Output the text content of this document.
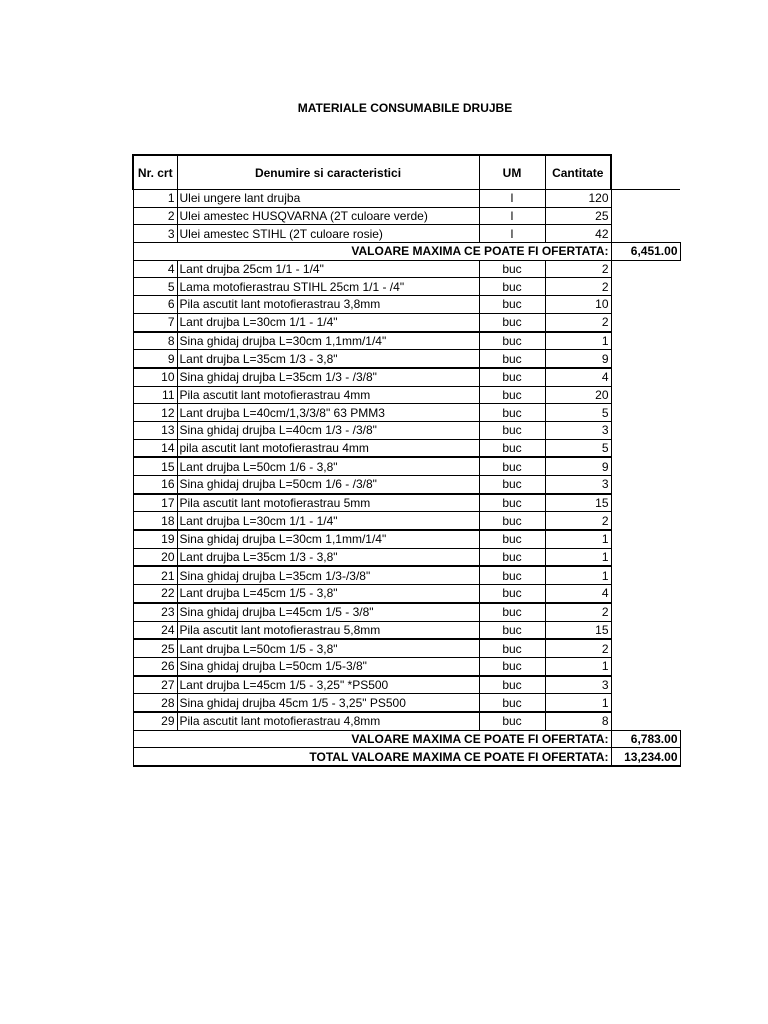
MATERIALE CONSUMABILE DRUJBE
Nr. crt	Denumire si caracteristici	UM	Cantitate	
1	Ulei ungere lant drujba	l	120	
2	Ulei amestec HUSQVARNA (2T culoare verde)	l	25	
3	Ulei amestec STIHL (2T culoare rosie)	l	42	
VALOARE MAXIMA CE POATE FI OFERTATA:				6,451.00
4	Lant drujba 25cm 1/1 - 1/4"	buc	2	
5	Lama motofierastrau STIHL 25cm 1/1 - /4"	buc	2	
6	Pila ascutit lant motofierastrau 3,8mm	buc	10	
7	Lant drujba L=30cm 1/1 - 1/4"	buc	2	
8	Sina ghidaj drujba L=30cm 1,1mm/1/4"	buc	1	
9	Lant drujba L=35cm 1/3 - 3,8"	buc	9	
10	Sina ghidaj drujba L=35cm 1/3 - /3/8"	buc	4	
11	Pila ascutit lant motofierastrau 4mm	buc	20	
12	Lant drujba L=40cm/1,3/3/8" 63 PMM3	buc	5	
13	Sina ghidaj drujba L=40cm 1/3 - /3/8"	buc	3	
14	pila ascutit lant motofierastrau 4mm	buc	5	
15	Lant drujba L=50cm 1/6 - 3,8"	buc	9	
16	Sina ghidaj drujba L=50cm 1/6 - /3/8"	buc	3	
17	Pila ascutit lant motofierastrau 5mm	buc	15	
18	Lant drujba L=30cm 1/1 - 1/4"	buc	2	
19	Sina ghidaj drujba L=30cm 1,1mm/1/4"	buc	1	
20	Lant drujba L=35cm 1/3 - 3,8"	buc	1	
21	Sina ghidaj drujba L=35cm 1/3-/3/8"	buc	1	
22	Lant drujba L=45cm 1/5 - 3,8"	buc	4	
23	Sina ghidaj drujba L=45cm 1/5 - 3/8"	buc	2	
24	Pila ascutit lant motofierastrau 5,8mm	buc	15	
25	Lant drujba L=50cm 1/5 - 3,8"	buc	2	
26	Sina ghidaj drujba L=50cm 1/5-3/8"	buc	1	
27	Lant drujba L=45cm 1/5 - 3,25" *PS500	buc	3	
28	Sina ghidaj drujba 45cm 1/5 - 3,25" PS500	buc	1	
29	Pila ascutit lant motofierastrau 4,8mm	buc	8	
VALOARE MAXIMA CE POATE FI OFERTATA:				6,783.00
TOTAL VALOARE MAXIMA CE POATE FI OFERTATA:				13,234.00
